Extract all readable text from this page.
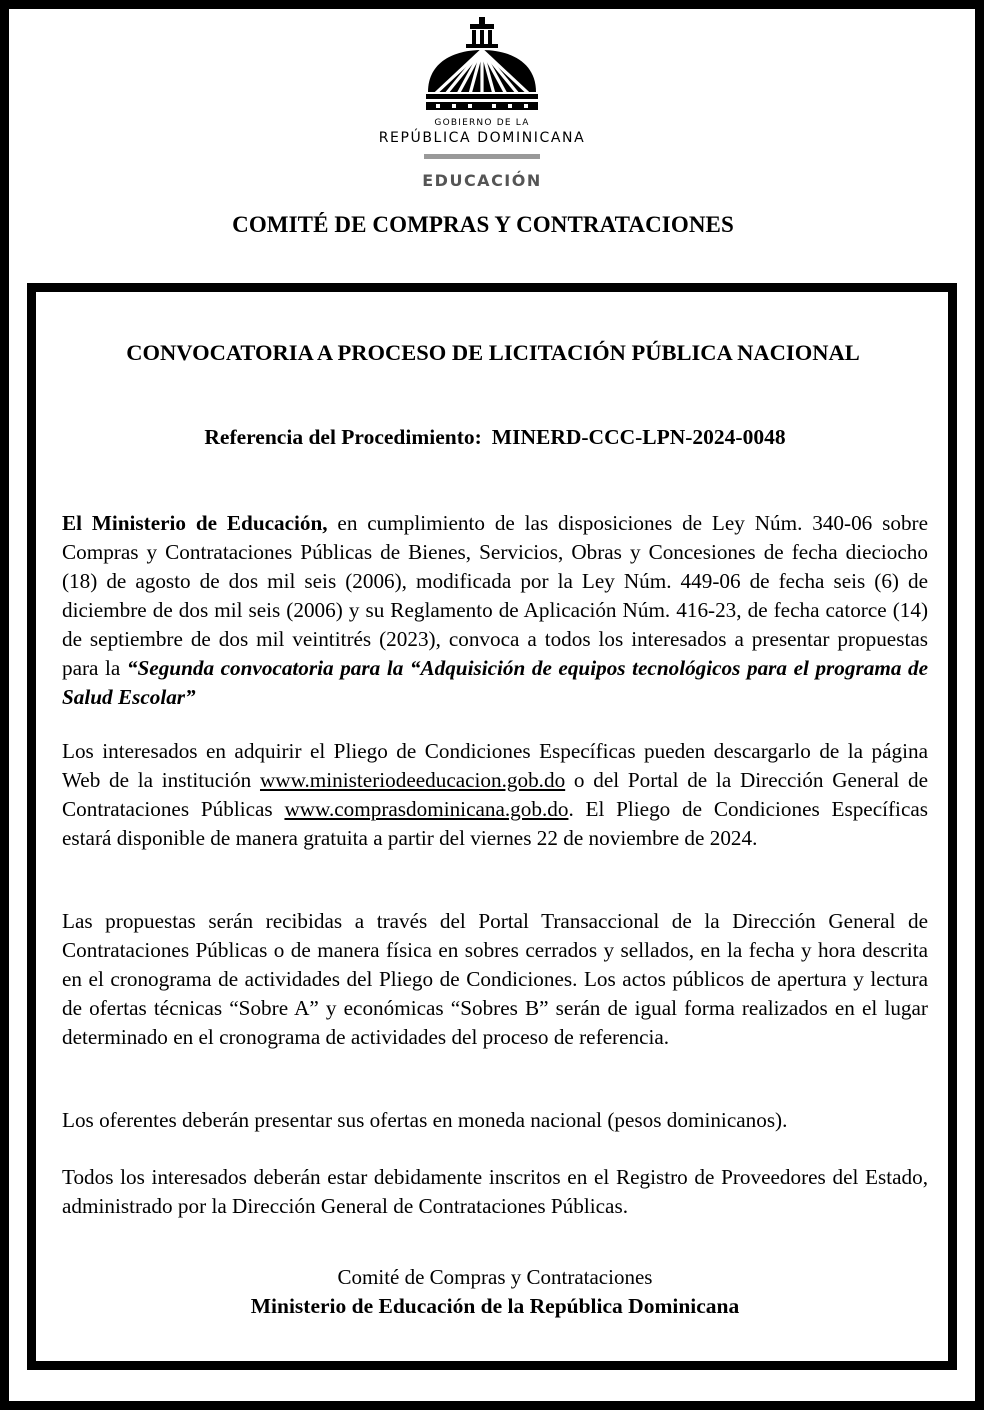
GOBIERNO DE LA
REPÚBLICA DOMINICANA
EDUCACIÓN
COMITÉ DE COMPRAS Y CONTRATACIONES
CONVOCATORIA A PROCESO DE LICITACIÓN PÚBLICA NACIONAL
Referencia del Procedimiento: MINERD-CCC-LPN-2024-0048

El Ministerio de Educación, en cumplimiento de las disposiciones de Ley Núm. 340-06 sobre Compras y Contrataciones Públicas de Bienes, Servicios, Obras y Concesiones de fecha dieciocho (18) de agosto de dos mil seis (2006), modificada por la Ley Núm. 449-06 de fecha seis (6) de diciembre de dos mil seis (2006) y su Reglamento de Aplicación Núm. 416-23, de fecha catorce (14) de septiembre de dos mil veintitrés (2023), convoca a todos los interesados a presentar propuestas para la “Segunda convocatoria para la “Adquisición de equipos tecnológicos para el programa de Salud Escolar”

Los interesados en adquirir el Pliego de Condiciones Específicas pueden descargarlo de la página Web de la institución www.ministeriodeeducacion.gob.do o del Portal de la Dirección General de Contrataciones Públicas www.comprasdominicana.gob.do. El Pliego de Condiciones Específicas estará disponible de manera gratuita a partir del viernes 22 de noviembre de 2024.

Las propuestas serán recibidas a través del Portal Transaccional de la Dirección General de Contrataciones Públicas o de manera física en sobres cerrados y sellados, en la fecha y hora descrita en el cronograma de actividades del Pliego de Condiciones. Los actos públicos de apertura y lectura de ofertas técnicas “Sobre A” y económicas “Sobres B” serán de igual forma realizados en el lugar determinado en el cronograma de actividades del proceso de referencia.

Los oferentes deberán presentar sus ofertas en moneda nacional (pesos dominicanos).

Todos los interesados deberán estar debidamente inscritos en el Registro de Proveedores del Estado, administrado por la Dirección General de Contrataciones Públicas.

Comité de Compras y Contrataciones
Ministerio de Educación de la República Dominicana
